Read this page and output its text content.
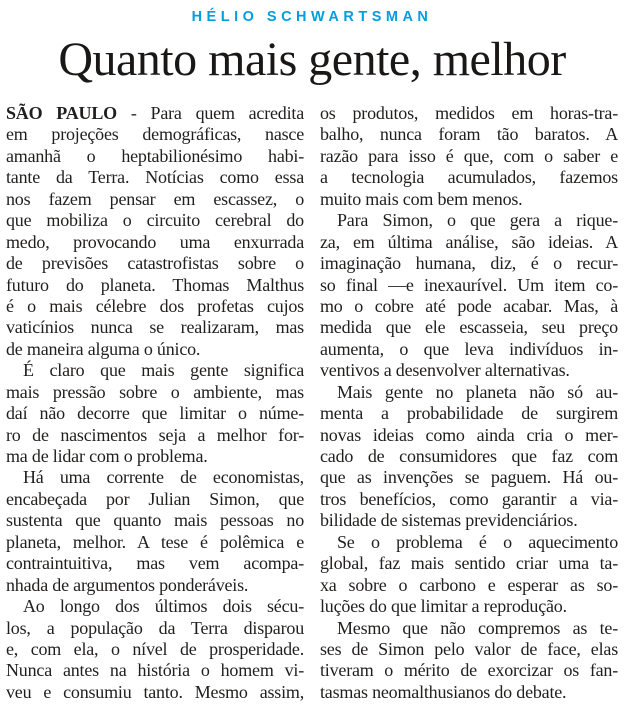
HÉLIO SCHWARTSMAN
Quanto mais gente, melhor
SÃO PAULO - Para quem acredita
em projeções demográficas, nasce
amanhã o heptabilionésimo habi-
tante da Terra. Notícias como essa
nos fazem pensar em escassez, o
que mobiliza o circuito cerebral do
medo, provocando uma enxurrada
de previsões catastrofistas sobre o
futuro do planeta. Thomas Malthus
é o mais célebre dos profetas cujos
vaticínios nunca se realizaram, mas
de maneira alguma o único.
É claro que mais gente significa
mais pressão sobre o ambiente, mas
daí não decorre que limitar o núme-
ro de nascimentos seja a melhor for-
ma de lidar com o problema.
Há uma corrente de economistas,
encabeçada por Julian Simon, que
sustenta que quanto mais pessoas no
planeta, melhor. A tese é polêmica e
contraintuitiva, mas vem acompa-
nhada de argumentos ponderáveis.
Ao longo dos últimos dois sécu-
los, a população da Terra disparou
e, com ela, o nível de prosperidade.
Nunca antes na história o homem vi-
veu e consumiu tanto. Mesmo assim,
os produtos, medidos em horas-tra-
balho, nunca foram tão baratos. A
razão para isso é que, com o saber e
a tecnologia acumulados, fazemos
muito mais com bem menos.
Para Simon, o que gera a rique-
za, em última análise, são ideias. A
imaginação humana, diz, é o recur-
so final —e inexaurível. Um item co-
mo o cobre até pode acabar. Mas, à
medida que ele escasseia, seu preço
aumenta, o que leva indivíduos in-
ventivos a desenvolver alternativas.
Mais gente no planeta não só au-
menta a probabilidade de surgirem
novas ideias como ainda cria o mer-
cado de consumidores que faz com
que as invenções se paguem. Há ou-
tros benefícios, como garantir a via-
bilidade de sistemas previdenciários.
Se o problema é o aquecimento
global, faz mais sentido criar uma ta-
xa sobre o carbono e esperar as so-
luções do que limitar a reprodução.
Mesmo que não compremos as te-
ses de Simon pelo valor de face, elas
tiveram o mérito de exorcizar os fan-
tasmas neomalthusianos do debate.
